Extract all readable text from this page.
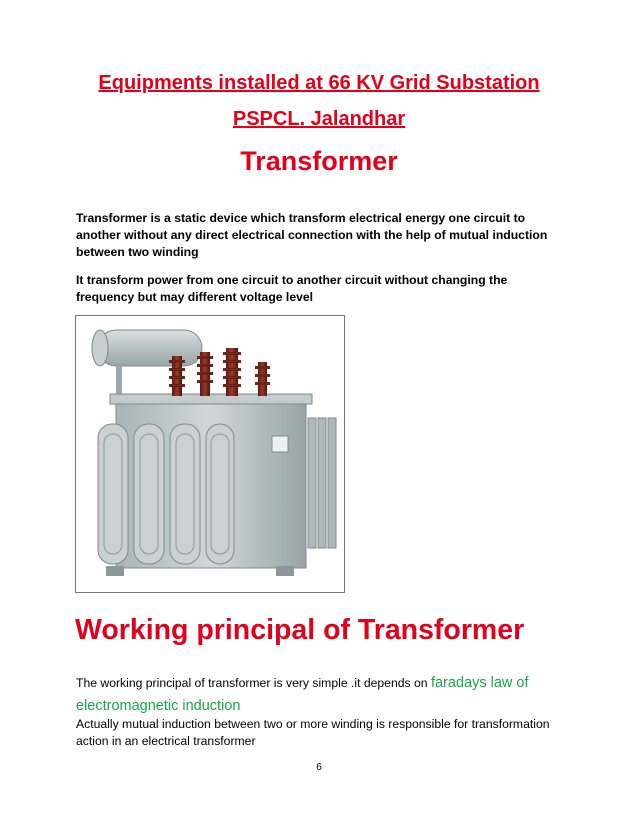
Equipments installed at 66 KV Grid Substation

PSPCL. Jalandhar

Transformer

Transformer is a static device which transform electrical energy one circuit to another without any direct electrical connection with the help of mutual induction between two winding

It transform power from one circuit to another circuit without changing the frequency but may different voltage level

Working principal of Transformer

The working principal of transformer is very simple .it depends on faradays law of electromagnetic induction

Actually mutual induction between two or more winding is responsible for transformation action in an electrical transformer

6
